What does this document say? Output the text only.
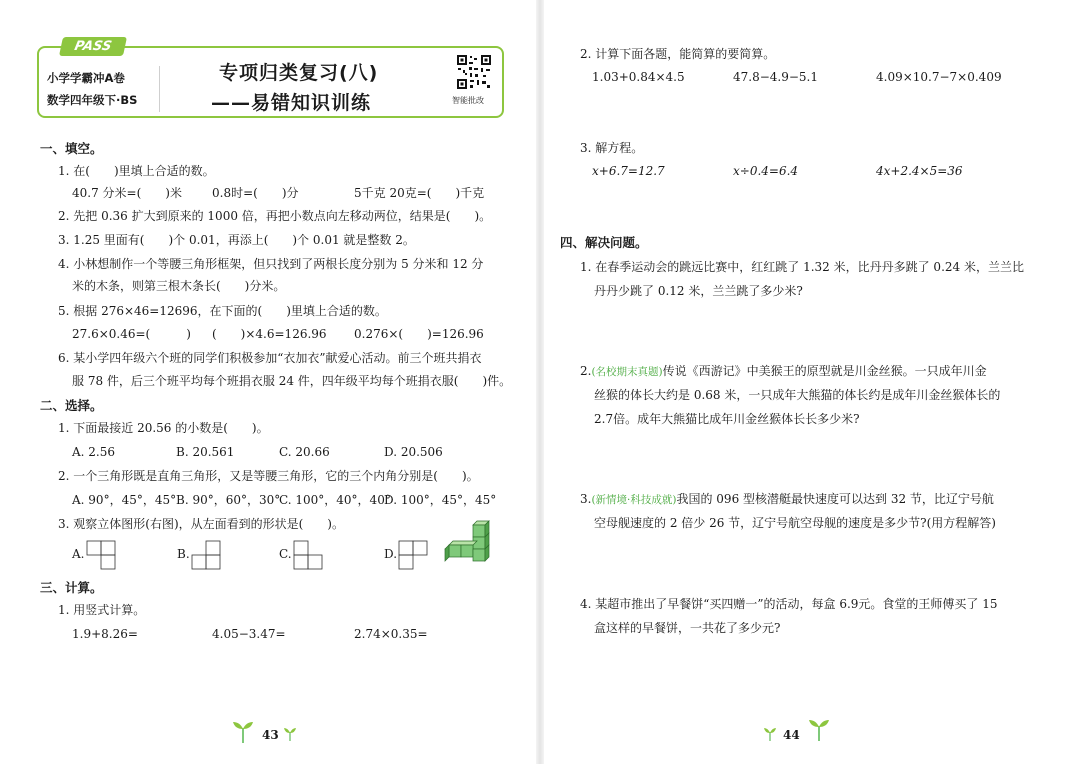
PASS
小学学霸冲A卷
数学四年级下·BS
专项归类复习(八)
——易错知识训练	智能批改
一、填空。
1. 在(　　)里填上合适的数。
40.7 分米=(　　)米	0.8时=(　　)分	5千克 20克=(　　)千克
2. 先把 0.36 扩大到原来的 1000 倍，再把小数点向左移动两位，结果是(　　)。
3. 1.25 里面有(　　)个 0.01，再添上(　　)个 0.01 就是整数 2。
4. 小林想制作一个等腰三角形框架，但只找到了两根长度分别为 5 分米和 12 分
米的木条，则第三根木条长(　　)分米。
5. 根据 276×46=12696，在下面的(　　)里填上合适的数。
27.6×0.46=(　　　) (　　)×4.6=126.96 0.276×(　　)=126.96
6. 某小学四年级六个班的同学们积极参加“衣加衣”献爱心活动。前三个班共捐衣
服 78 件，后三个班平均每个班捐衣服 24 件，四年级平均每个班捐衣服(　　)件。
二、选择。
1. 下面最接近 20.56 的小数是(　　)。
A. 2.56	B. 20.561	C. 20.66	D. 20.506
2. 一个三角形既是直角三角形，又是等腰三角形，它的三个内角分别是(　　)。
A. 90°，45°，45° B. 90°，60°，30°
C. 100°，40°，40°
D. 100°，45°，45°
3. 观察立体图形(右图)，从左面看到的形状是(　　)。
A.	B.	C.	D.
三、计算。
1. 用竖式计算。
1.9+8.26=	4.05−3.47=	2.74×0.35=
43
2. 计算下面各题，能简算的要简算。
1.03+0.84×4.5	47.8−4.9−5.1	4.09×10.7−7×0.409
3. 解方程。
x+6.7=12.7	x÷0.4=6.4	4x+2.4×5=36
四、解决问题。
1. 在春季运动会的跳远比赛中，红红跳了 1.32 米，比丹丹多跳了 0.24 米，兰兰比
丹丹少跳了 0.12 米，兰兰跳了多少米?
2.(名校期末真题)传说《西游记》中美猴王的原型就是川金丝猴。一只成年川金
丝猴的体长大约是 0.68 米，一只成年大熊猫的体长约是成年川金丝猴体长的
2.7倍。成年大熊猫比成年川金丝猴体长长多少米?
3.(新情境·科技成就)我国的 096 型核潜艇最快速度可以达到 32 节，比辽宁号航
空母舰速度的 2 倍少 26 节，辽宁号航空母舰的速度是多少节?(用方程解答)
4. 某超市推出了早餐饼“买四赠一”的活动，每盒 6.9元。食堂的王师傅买了 15
盒这样的早餐饼，一共花了多少元?
44
